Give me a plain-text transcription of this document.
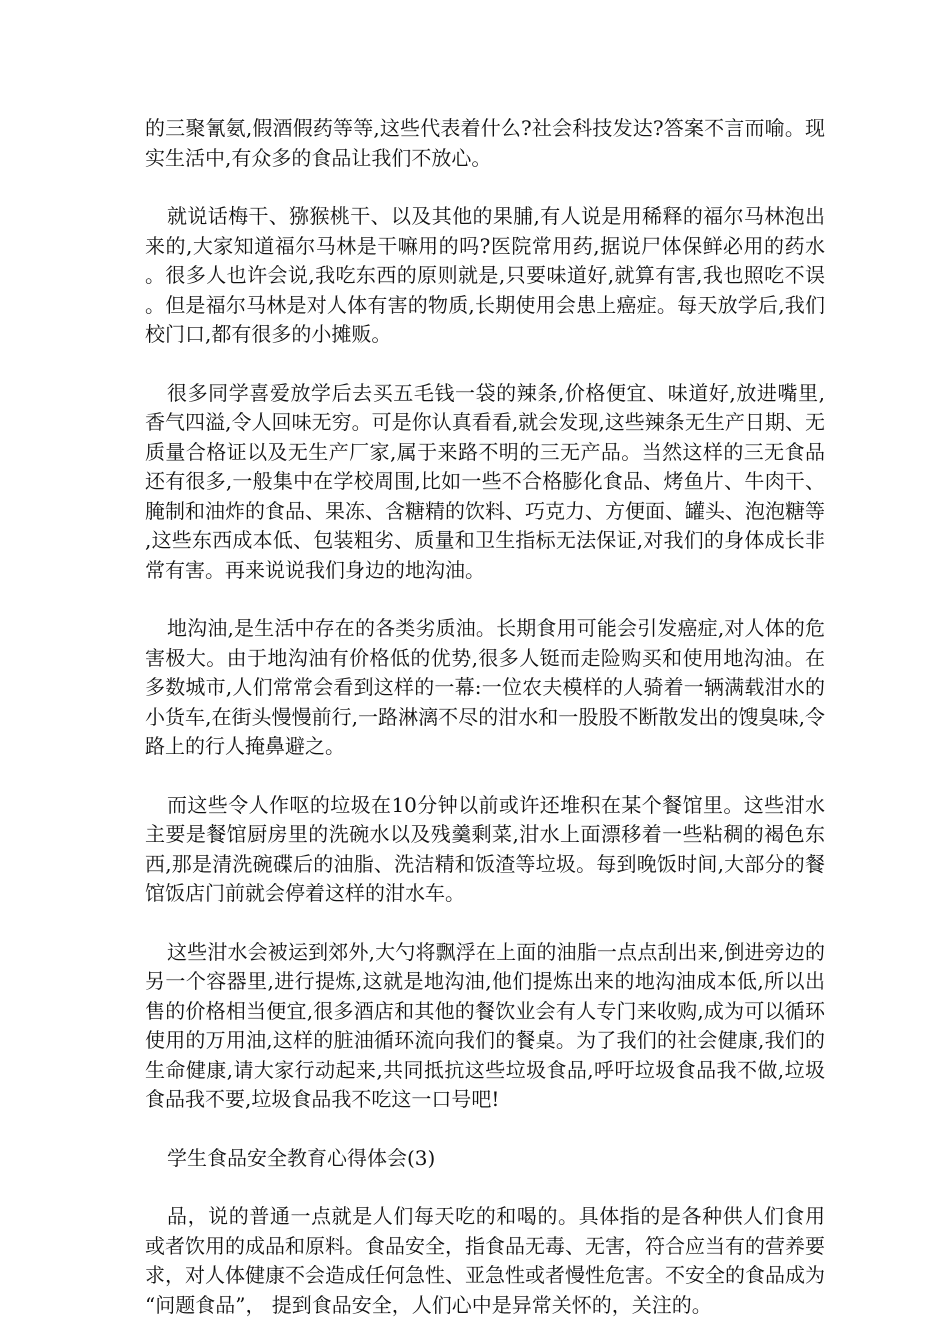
的三聚氰氨,假酒假药等等,这些代表着什么?社会科技发达?答案不言而喻。现实生活中,有众多的食品让我们不放心。

就说话梅干、猕猴桃干、以及其他的果脯,有人说是用稀释的福尔马林泡出来的,大家知道福尔马林是干嘛用的吗?医院常用药,据说尸体保鲜必用的药水。很多人也许会说,我吃东西的原则就是,只要味道好,就算有害,我也照吃不误。但是福尔马林是对人体有害的物质,长期使用会患上癌症。每天放学后,我们校门口,都有很多的小摊贩。

很多同学喜爱放学后去买五毛钱一袋的辣条,价格便宜、味道好,放进嘴里,香气四溢,令人回味无穷。可是你认真看看,就会发现,这些辣条无生产日期、无质量合格证以及无生产厂家,属于来路不明的三无产品。当然这样的三无食品还有很多,一般集中在学校周围,比如一些不合格膨化食品、烤鱼片、牛肉干、腌制和油炸的食品、果冻、含糖精的饮料、巧克力、方便面、罐头、泡泡糖等,这些东西成本低、包装粗劣、质量和卫生指标无法保证,对我们的身体成长非常有害。再来说说我们身边的地沟油。

地沟油,是生活中存在的各类劣质油。长期食用可能会引发癌症,对人体的危害极大。由于地沟油有价格低的优势,很多人铤而走险购买和使用地沟油。在多数城市,人们常常会看到这样的一幕:一位农夫模样的人骑着一辆满载泔水的小货车,在街头慢慢前行,一路淋漓不尽的泔水和一股股不断散发出的馊臭味,令路上的行人掩鼻避之。

而这些令人作呕的垃圾在10分钟以前或许还堆积在某个餐馆里。这些泔水主要是餐馆厨房里的洗碗水以及残羹剩菜,泔水上面漂移着一些粘稠的褐色东西,那是清洗碗碟后的油脂、洗洁精和饭渣等垃圾。每到晚饭时间,大部分的餐馆饭店门前就会停着这样的泔水车。

这些泔水会被运到郊外,大勺将飘浮在上面的油脂一点点刮出来,倒进旁边的另一个容器里,进行提炼,这就是地沟油,他们提炼出来的地沟油成本低,所以出售的价格相当便宜,很多酒店和其他的餐饮业会有人专门来收购,成为可以循环使用的万用油,这样的脏油循环流向我们的餐桌。为了我们的社会健康,我们的生命健康,请大家行动起来,共同抵抗这些垃圾食品,呼吁垃圾食品我不做,垃圾食品我不要,垃圾食品我不吃这一口号吧!

学生食品安全教育心得体会(3)

品，说的普通一点就是人们每天吃的和喝的。具体指的是各种供人们食用或者饮用的成品和原料。食品安全，指食品无毒、无害，符合应当有的营养要求，对人体健康不会造成任何急性、亚急性或者慢性危害。不安全的食品成为“问题食品”， 提到食品安全，人们心中是异常关怀的，关注的。
